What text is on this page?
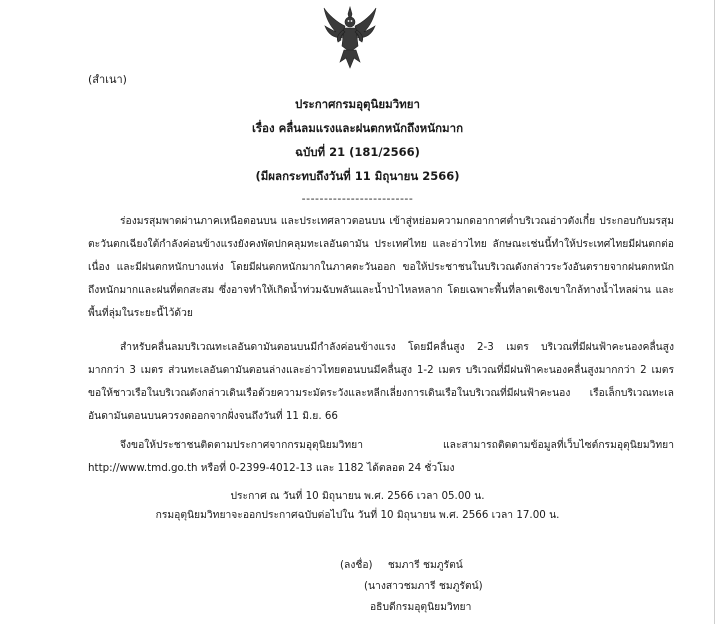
(สำเนา)
ประกาศกรมอุตุนิยมวิทยา
เรื่อง คลื่นลมแรงและฝนตกหนักถึงหนักมาก
ฉบับที่ 21 (181/2566)
(มีผลกระทบถึงวันที่ 11 มิถุนายน 2566)
-------------------------

ร่องมรสุมพาดผ่านภาคเหนือตอนบน และประเทศลาวตอนบน เข้าสู่หย่อมความกดอากาศต่ำบริเวณอ่าวตังเกี๋ย ประกอบกับมรสุมตะวันตกเฉียงใต้กำลังค่อนข้างแรงยังคงพัดปกคลุมทะเลอันดามัน ประเทศไทย และอ่าวไทย ลักษณะเช่นนี้ทำให้ประเทศไทยมีฝนตกต่อเนื่อง และมีฝนตกหนักบางแห่ง โดยมีฝนตกหนักมากในภาคตะวันออก ขอให้ประชาชนในบริเวณดังกล่าวระวังอันตรายจากฝนตกหนักถึงหนักมากและฝนที่ตกสะสม ซึ่งอาจทำให้เกิดน้ำท่วมฉับพลันและน้ำป่าไหลหลาก โดยเฉพาะพื้นที่ลาดเชิงเขาใกล้ทางน้ำไหลผ่าน และพื้นที่ลุ่มในระยะนี้ไว้ด้วย

สำหรับคลื่นลมบริเวณทะเลอันดามันตอนบนมีกำลังค่อนข้างแรง โดยมีคลื่นสูง 2-3 เมตร บริเวณที่มีฝนฟ้าคะนองคลื่นสูงมากกว่า 3 เมตร ส่วนทะเลอันดามันตอนล่างและอ่าวไทยตอนบนมีคลื่นสูง 1-2 เมตร บริเวณที่มีฝนฟ้าคะนองคลื่นสูงมากกว่า 2 เมตร ขอให้ชาวเรือในบริเวณดังกล่าวเดินเรือด้วยความระมัดระวังและหลีกเลี่ยงการเดินเรือในบริเวณที่มีฝนฟ้าคะนอง เรือเล็กบริเวณทะเลอันดามันตอนบนควรงดออกจากฝั่งจนถึงวันที่ 11 มิ.ย. 66

จึงขอให้ประชาชนติดตามประกาศจากกรมอุตุนิยมวิทยา และสามารถติดตามข้อมูลที่เว็บไซต์กรมอุตุนิยมวิทยา http://www.tmd.go.th หรือที่ 0-2399-4012-13 และ 1182 ได้ตลอด 24 ชั่วโมง

ประกาศ ณ วันที่ 10 มิถุนายน พ.ศ. 2566 เวลา 05.00 น.
กรมอุตุนิยมวิทยาจะออกประกาศฉบับต่อไปใน วันที่ 10 มิถุนายน พ.ศ. 2566 เวลา 17.00 น.
(ลงชื่อ) ชมภารี ชมภูรัตน์
(นางสาวชมภารี ชมภูรัตน์)
อธิบดีกรมอุตุนิยมวิทยา
